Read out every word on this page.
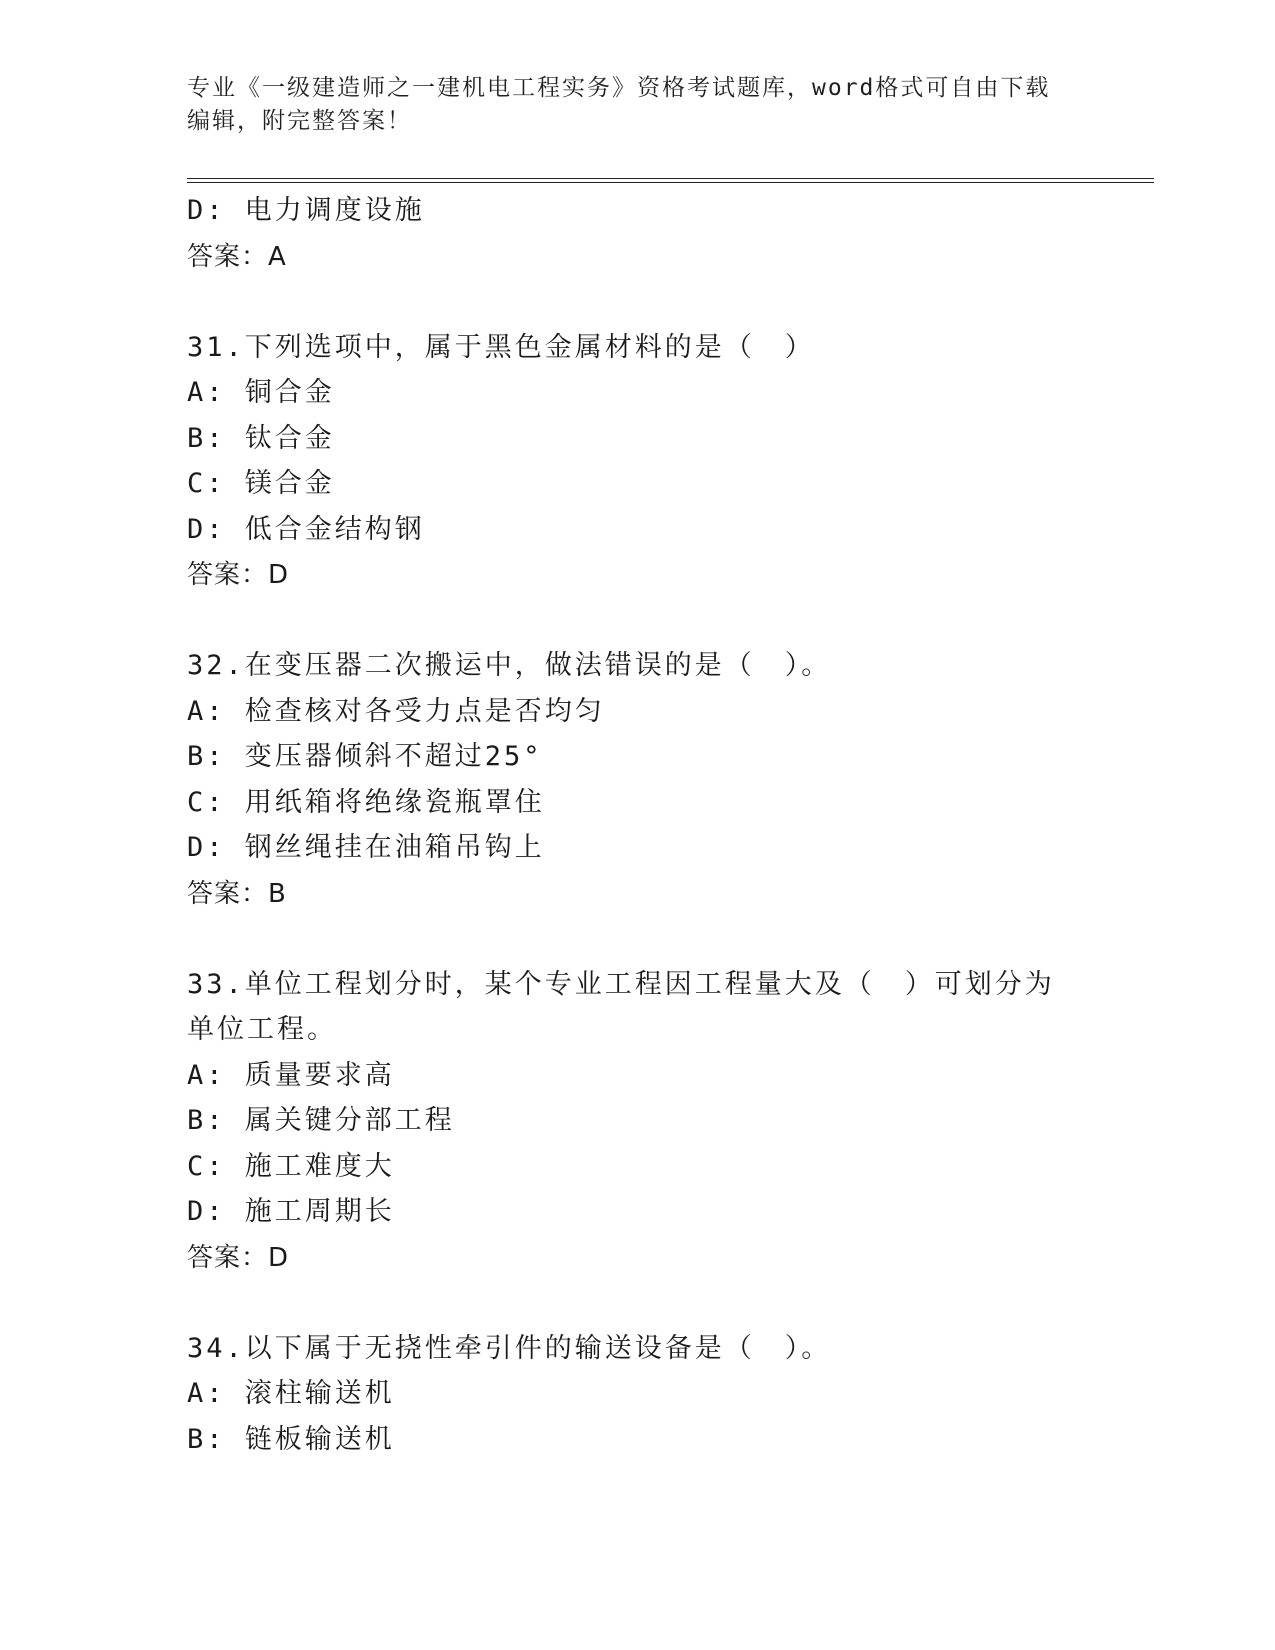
专业《一级建造师之一建机电工程实务》资格考试题库，word格式可自由下载编辑，附完整答案！
D: 电力调度设施
答案：A
31.下列选项中，属于黑色金属材料的是（　）
A: 铜合金
B: 钛合金
C: 镁合金
D: 低合金结构钢
答案：D
32.在变压器二次搬运中，做法错误的是（　）。
A: 检查核对各受力点是否均匀
B: 变压器倾斜不超过25°
C: 用纸箱将绝缘瓷瓶罩住
D: 钢丝绳挂在油箱吊钩上
答案：B
33.单位工程划分时，某个专业工程因工程量大及（　）可划分为单位工程。
A: 质量要求高
B: 属关键分部工程
C: 施工难度大
D: 施工周期长
答案：D
34.以下属于无挠性牵引件的输送设备是（　）。
A: 滚柱输送机
B: 链板输送机
